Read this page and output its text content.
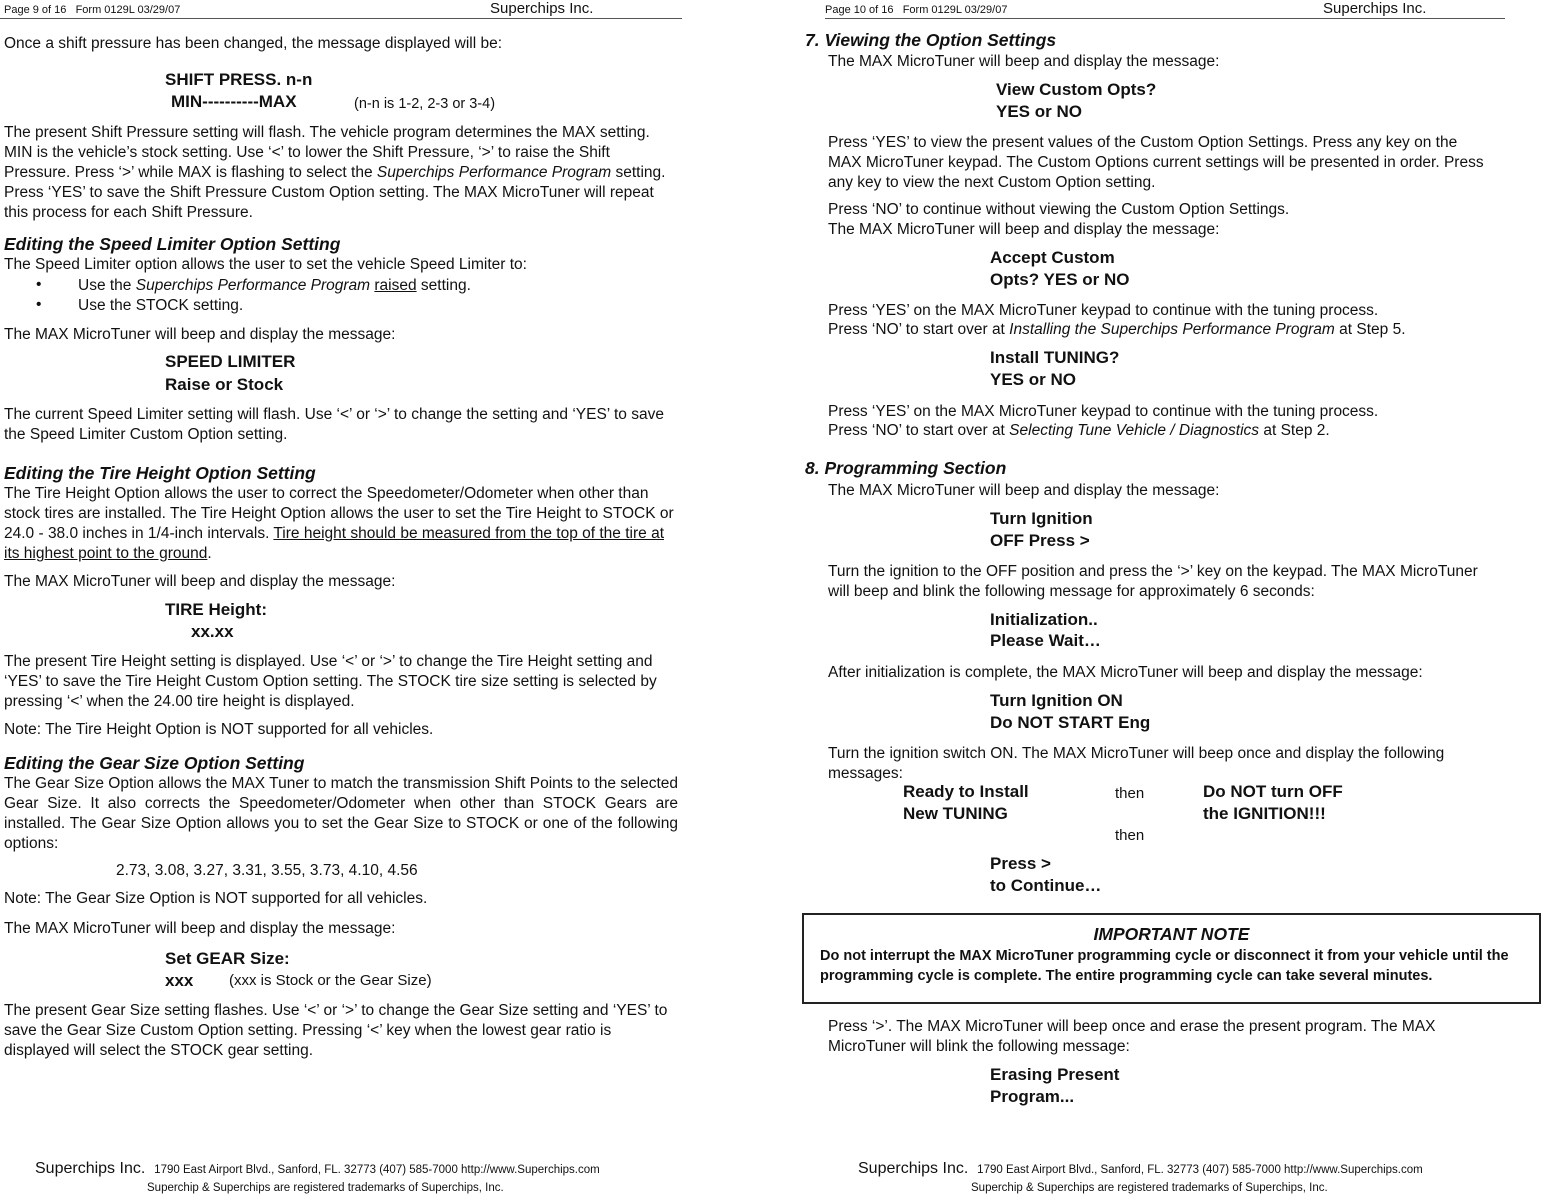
Page 9 of 16 Form 0129L 03/29/07	Superchips Inc.
Once a shift pressure has been changed, the message displayed will be:
SHIFT PRESS. n-n
MIN----------MAX	(n-n is 1-2, 2-3 or 3-4)
The present Shift Pressure setting will flash. The vehicle program determines the MAX setting. MIN is the vehicle’s stock setting. Use ‘<’ to lower the Shift Pressure, ‘>’ to raise the Shift Pressure. Press ‘>’ while MAX is flashing to select the Superchips Performance Program setting. Press ‘YES’ to save the Shift Pressure Custom Option setting. The MAX MicroTuner will repeat this process for each Shift Pressure.
Editing the Speed Limiter Option Setting
The Speed Limiter option allows the user to set the vehicle Speed Limiter to:
• Use the Superchips Performance Program raised setting.
• Use the STOCK setting.
The MAX MicroTuner will beep and display the message:
SPEED LIMITER
Raise or Stock
The current Speed Limiter setting will flash. Use ‘<’ or ‘>’ to change the setting and ‘YES’ to save the Speed Limiter Custom Option setting.
Editing the Tire Height Option Setting
The Tire Height Option allows the user to correct the Speedometer/Odometer when other than stock tires are installed. The Tire Height Option allows the user to set the Tire Height to STOCK or 24.0 - 38.0 inches in 1/4-inch intervals. Tire height should be measured from the top of the tire at its highest point to the ground.
The MAX MicroTuner will beep and display the message:
TIRE Height:
xx.xx
The present Tire Height setting is displayed. Use ‘<’ or ‘>’ to change the Tire Height setting and ‘YES’ to save the Tire Height Custom Option setting. The STOCK tire size setting is selected by pressing ‘<’ when the 24.00 tire height is displayed.
Note: The Tire Height Option is NOT supported for all vehicles.
Editing the Gear Size Option Setting
The Gear Size Option allows the MAX Tuner to match the transmission Shift Points to the selected Gear Size. It also corrects the Speedometer/Odometer when other than STOCK Gears are installed. The Gear Size Option allows you to set the Gear Size to STOCK or one of the following options:
2.73, 3.08, 3.27, 3.31, 3.55, 3.73, 4.10, 4.56
Note: The Gear Size Option is NOT supported for all vehicles.
The MAX MicroTuner will beep and display the message:
Set GEAR Size:
xxx (xxx is Stock or the Gear Size)
The present Gear Size setting flashes. Use ‘<’ or ‘>’ to change the Gear Size setting and ‘YES’ to save the Gear Size Custom Option setting. Pressing ‘<’ key when the lowest gear ratio is displayed will select the STOCK gear setting.
Superchips Inc. 1790 East Airport Blvd., Sanford, FL. 32773 (407) 585-7000 http://www.Superchips.com
Superchip & Superchips are registered trademarks of Superchips, Inc.
Page 10 of 16 Form 0129L 03/29/07	Superchips Inc.
7. Viewing the Option Settings
The MAX MicroTuner will beep and display the message:
View Custom Opts?
YES or NO
Press ‘YES’ to view the present values of the Custom Option Settings. Press any key on the MAX MicroTuner keypad. The Custom Options current settings will be presented in order. Press any key to view the next Custom Option setting.
Press ‘NO’ to continue without viewing the Custom Option Settings.
The MAX MicroTuner will beep and display the message:
Accept Custom
Opts? YES or NO
Press ‘YES’ on the MAX MicroTuner keypad to continue with the tuning process.
Press ‘NO’ to start over at Installing the Superchips Performance Program at Step 5.
Install TUNING?
YES or NO
Press ‘YES’ on the MAX MicroTuner keypad to continue with the tuning process.
Press ‘NO’ to start over at Selecting Tune Vehicle / Diagnostics at Step 2.
8. Programming Section
The MAX MicroTuner will beep and display the message:
Turn Ignition
OFF Press >
Turn the ignition to the OFF position and press the ‘>’ key on the keypad. The MAX MicroTuner will beep and blink the following message for approximately 6 seconds:
Initialization..
Please Wait…
After initialization is complete, the MAX MicroTuner will beep and display the message:
Turn Ignition ON
Do NOT START Eng
Turn the ignition switch ON. The MAX MicroTuner will beep once and display the following messages:
Ready to Install
New TUNING
then
then
Do NOT turn OFF
the IGNITION!!!
Press >
to Continue…
IMPORTANT NOTE
Do not interrupt the MAX MicroTuner programming cycle or disconnect it from your vehicle until the programming cycle is complete. The entire programming cycle can take several minutes.
Press ‘>’. The MAX MicroTuner will beep once and erase the present program. The MAX MicroTuner will blink the following message:
Erasing Present
Program...
Superchips Inc. 1790 East Airport Blvd., Sanford, FL. 32773 (407) 585-7000 http://www.Superchips.com
Superchip & Superchips are registered trademarks of Superchips, Inc.
